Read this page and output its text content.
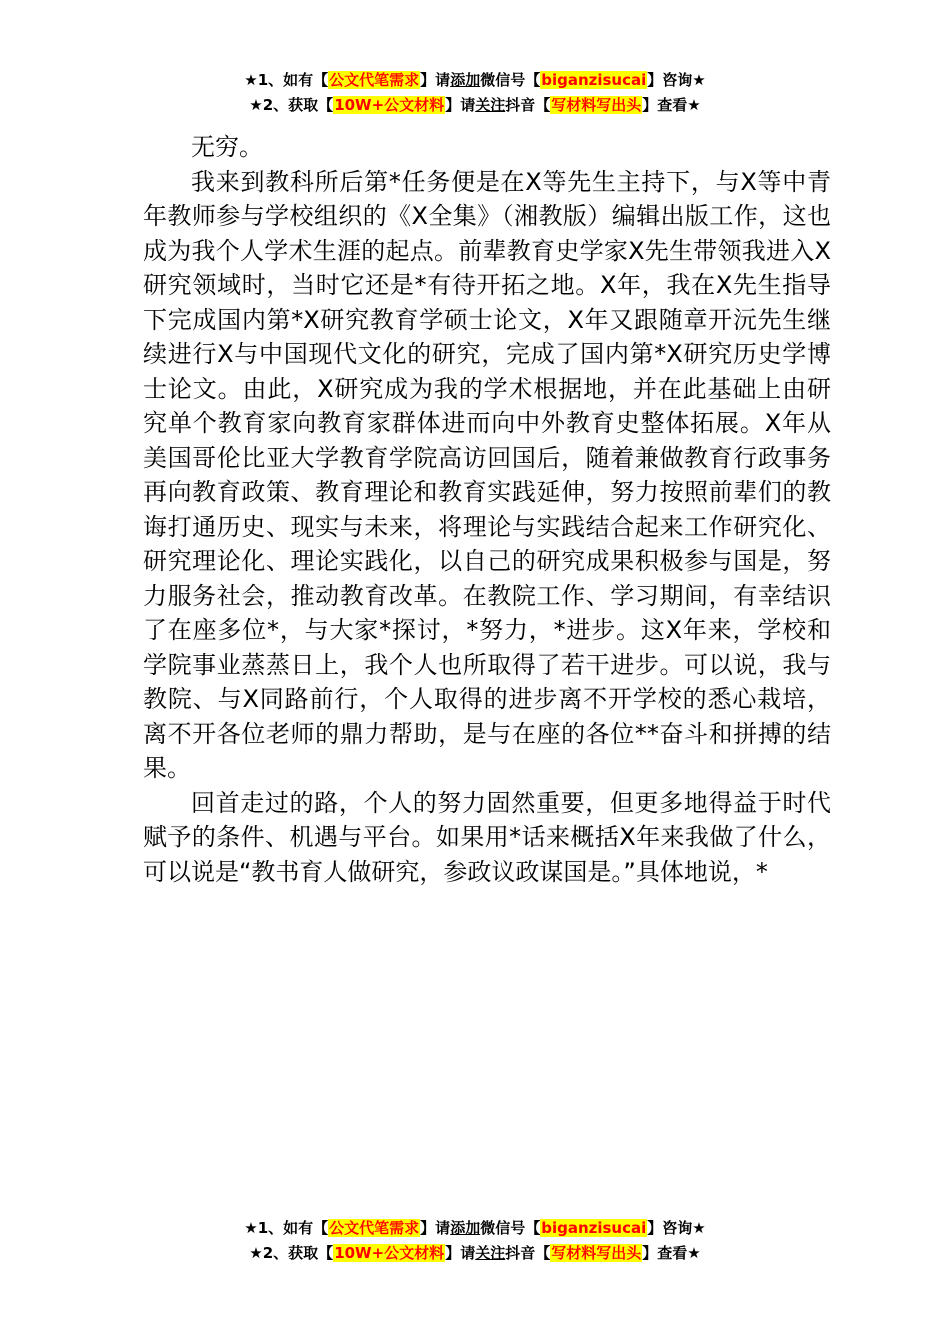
★1、如有【公文代笔需求】请添加微信号【biganzisucai】咨询★
★2、获取【10W+公文材料】请关注抖音【写材料写出头】查看★

无穷。

我来到教科所后第*任务便是在X等先生主持下，与X等中青年教师参与学校组织的《X全集》（湘教版）编辑出版工作，这也成为我个人学术生涯的起点。前辈教育史学家X先生带领我进入X研究领域时，当时它还是*有待开拓之地。X年，我在X先生指导下完成国内第*X研究教育学硕士论文，X年又跟随章开沅先生继续进行X与中国现代文化的研究，完成了国内第*X研究历史学博士论文。由此，X研究成为我的学术根据地，并在此基础上由研究单个教育家向教育家群体进而向中外教育史整体拓展。X年从美国哥伦比亚大学教育学院高访回国后，随着兼做教育行政事务再向教育政策、教育理论和教育实践延伸，努力按照前辈们的教诲打通历史、现实与未来，将理论与实践结合起来工作研究化、研究理论化、理论实践化，以自己的研究成果积极参与国是，努力服务社会，推动教育改革。在教院工作、学习期间，有幸结识了在座多位*，与大家*探讨，*努力，*进步。这X年来，学校和学院事业蒸蒸日上，我个人也所取得了若干进步。可以说，我与教院、与X同路前行，个人取得的进步离不开学校的悉心栽培，离不开各位老师的鼎力帮助，是与在座的各位**奋斗和拼搏的结果。

回首走过的路，个人的努力固然重要，但更多地得益于时代赋予的条件、机遇与平台。如果用*话来概括X年来我做了什么，可以说是“教书育人做研究，参政议政谋国是。”具体地说，*

★1、如有【公文代笔需求】请添加微信号【biganzisucai】咨询★
★2、获取【10W+公文材料】请关注抖音【写材料写出头】查看★
